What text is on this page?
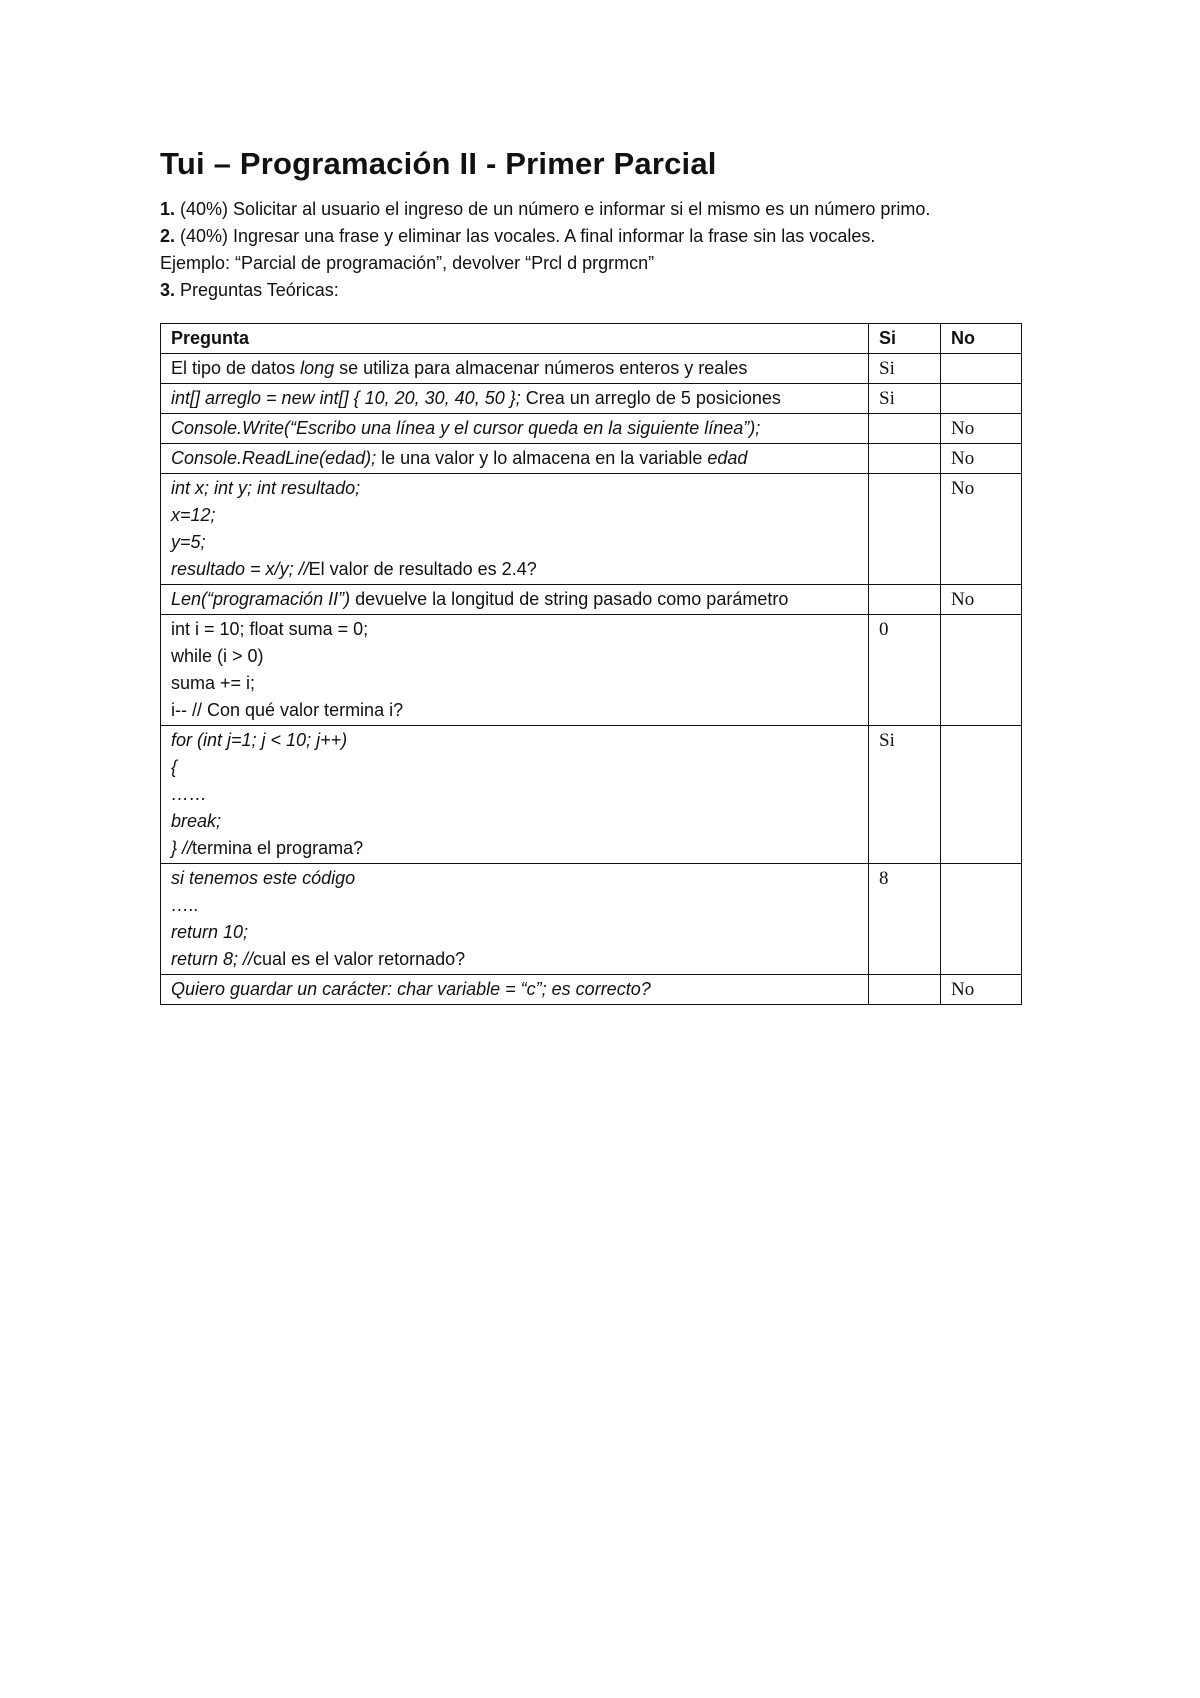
Tui – Programación II - Primer Parcial

1. (40%) Solicitar al usuario el ingreso de un número e informar si el mismo es un número primo.

2. (40%) Ingresar una frase y eliminar las vocales. A final informar la frase sin las vocales.

Ejemplo: “Parcial de programación”, devolver “Prcl d prgrmcn”

3. Preguntas Teóricas:

Pregunta	Si	No
El tipo de datos long se utiliza para almacenar números enteros y reales	Si	
int[] arreglo = new int[] { 10, 20, 30, 40, 50 }; Crea un arreglo de 5 posiciones	Si	
Console.Write(“Escribo una línea y el cursor queda en la siguiente línea”);		No
Console.ReadLine(edad); le una valor y lo almacena en la variable edad		No

int x; int y; int resultado;
x=12;
y=5;
resultado = x/y; //El valor de resultado es 2.4?		No
Len(“programación II”) devuelve la longitud de string pasado como parámetro		No

int i = 10; float suma = 0;
while (i > 0)
suma += i;
i-- // Con qué valor termina i?	0	

for (int j=1; j < 10; j++)
{
……
break;
} //termina el programa?	Si	

si tenemos este código
…..
return 10;
return 8; //cual es el valor retornado?	8	
Quiero guardar un carácter: char variable = “c”; es correcto?		No
